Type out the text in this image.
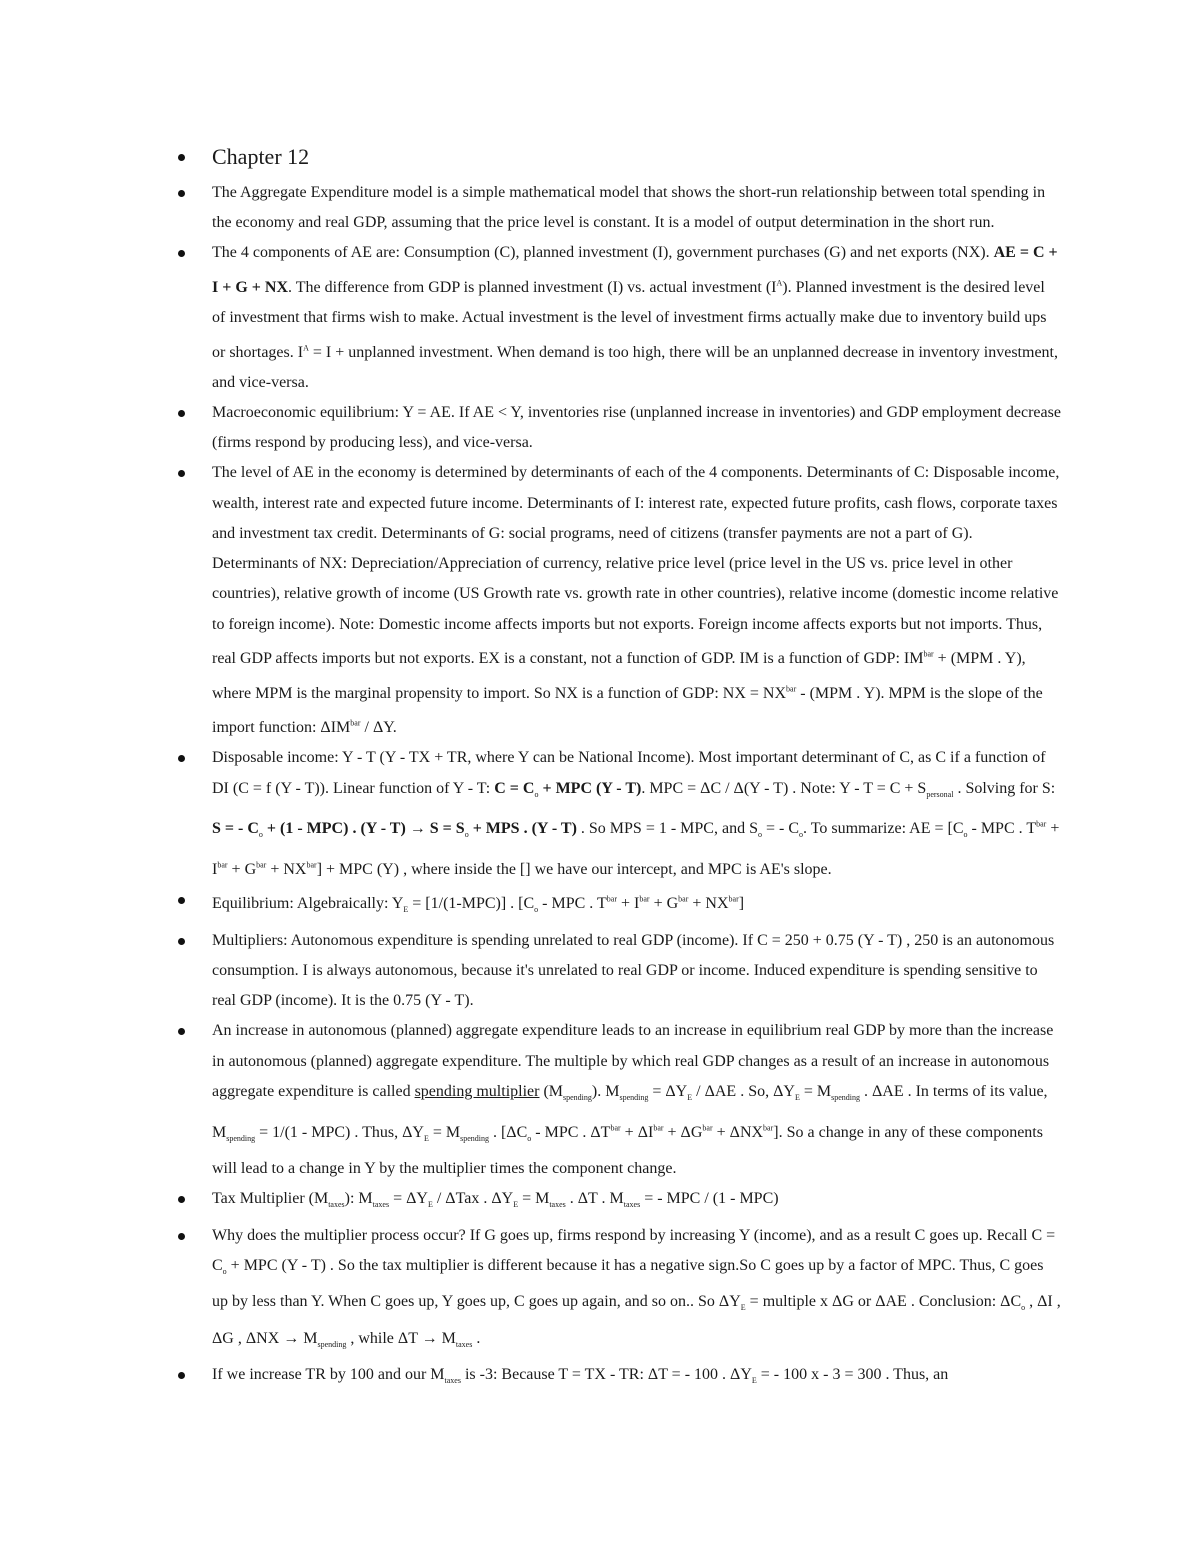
Chapter 12
The Aggregate Expenditure model is a simple mathematical model that shows the short-run relationship between total spending in the economy and real GDP, assuming that the price level is constant. It is a model of output determination in the short run.
The 4 components of AE are: Consumption (C), planned investment (I), government purchases (G) and net exports (NX). AE = C + I + G + NX. The difference from GDP is planned investment (I) vs. actual investment $(I^A)$. Planned investment is the desired level of investment that firms wish to make. Actual investment is the level of investment firms actually make due to inventory build ups or shortages. $I^A = I$ + unplanned investment. When demand is too high, there will be an unplanned decrease in inventory investment, and vice-versa.
Macroeconomic equilibrium: Y = AE. If AE < Y, inventories rise (unplanned increase in inventories) and GDP employment decrease (firms respond by producing less), and vice-versa.
The level of AE in the economy is determined by determinants of each of the 4 components. Determinants of C: Disposable income, wealth, interest rate and expected future income. Determinants of I: interest rate, expected future profits, cash flows, corporate taxes and investment tax credit. Determinants of G: social programs, need of citizens (transfer payments are not a part of G). Determinants of NX: Depreciation/Appreciation of currency, relative price level (price level in the US vs. price level in other countries), relative growth of income (US Growth rate vs. growth rate in other countries), relative income (domestic income relative to foreign income). Note: Domestic income affects imports but not exports. Foreign income affects exports but not imports. Thus, real GDP affects imports but not exports. EX is a constant, not a function of GDP. IM is a function of GDP: $IM^{bar} + (MPM$ . Y), where MPM is the marginal propensity to import. So NX is a function of GDP: NX = $NX^{bar} - (MPM$ . Y). MPM is the slope of the import function: $\Delta IM^{bar}$ / ΔY.
Disposable income: Y - T (Y - TX + TR, where Y can be National Income). Most important determinant of C, as C if a function of DI (C = f (Y - T)). Linear function of Y - T: $C = C_o$ + MPC (Y - T). MPC = ΔC / Δ(Y - T) . Note: $Y - T = C + S_{personal}$ . Solving for S: S = - $C_o + (1 - MPC)$ . $(Y - T) \to S = S_o$ + MPS . (Y - T) . So MPS = 1 - MPC, and $S_o$ = - $C_o$. To summarize: AE = [$C_o$ - MPC . $T^{bar} + I^{bar} + G^{bar} + NX^{bar}$] + MPC (Y) , where inside the [] we have our intercept, and MPC is AE's slope.
Equilibrium: Algebraically: $Y_E = [1/(1-MPC)]$ . [$C_o$ - MPC . $T^{bar} + I^{bar} + G^{bar} + NX^{bar}$]
Multipliers: Autonomous expenditure is spending unrelated to real GDP (income). If C = 250 + 0.75 (Y - T) , 250 is an autonomous consumption. I is always autonomous, because it's unrelated to real GDP or income. Induced expenditure is spending sensitive to real GDP (income). It is the 0.75 (Y - T).
An increase in autonomous (planned) aggregate expenditure leads to an increase in equilibrium real GDP by more than the increase in autonomous (planned) aggregate expenditure. The multiple by which real GDP changes as a result of an increase in autonomous aggregate expenditure is called spending multiplier $(M_{spending})$. $M_{spending} = \Delta Y_E / \Delta AE$ . So, $\Delta Y_E = M_{spending}$ . ΔAE . In terms of its value, $M_{spending} = 1/(1 - MPC)$ . Thus, $\Delta Y_E = M_{spending}$ . [$\Delta C_o$ - MPC . $\Delta T^{bar} + \Delta I^{bar} + \Delta G^{bar} + \Delta NX^{bar}$]. So a change in any of these components will lead to a change in Y by the multiplier times the component change.
Tax Multiplier $(M_{taxes})$: $M_{taxes} = \Delta Y_E / \Delta Tax$ . $\Delta Y_E = M_{taxes}$ . ΔT . $M_{taxes}$ = - MPC / (1 - MPC)
Why does the multiplier process occur? If G goes up, firms respond by increasing Y (income), and as a result C goes up. Recall $C = C_o$ + MPC (Y - T) . So the tax multiplier is different because it has a negative sign.So C goes up by a factor of MPC. Thus, C goes up by less than Y. When C goes up, Y goes up, C goes up again, and so on.. So $\Delta Y_E$ = multiple x ΔG or ΔAE . Conclusion: $\Delta C_o$ , ΔI , ΔG , $\Delta NX \to M_{spending}$ , while $\Delta T \to M_{taxes}$ .
If we increase TR by 100 and our $M_{taxes}$ is -3: Because T = TX - TR: ΔT = - 100 . $\Delta Y_E$ = - 100 x - 3 = 300 . Thus, an
